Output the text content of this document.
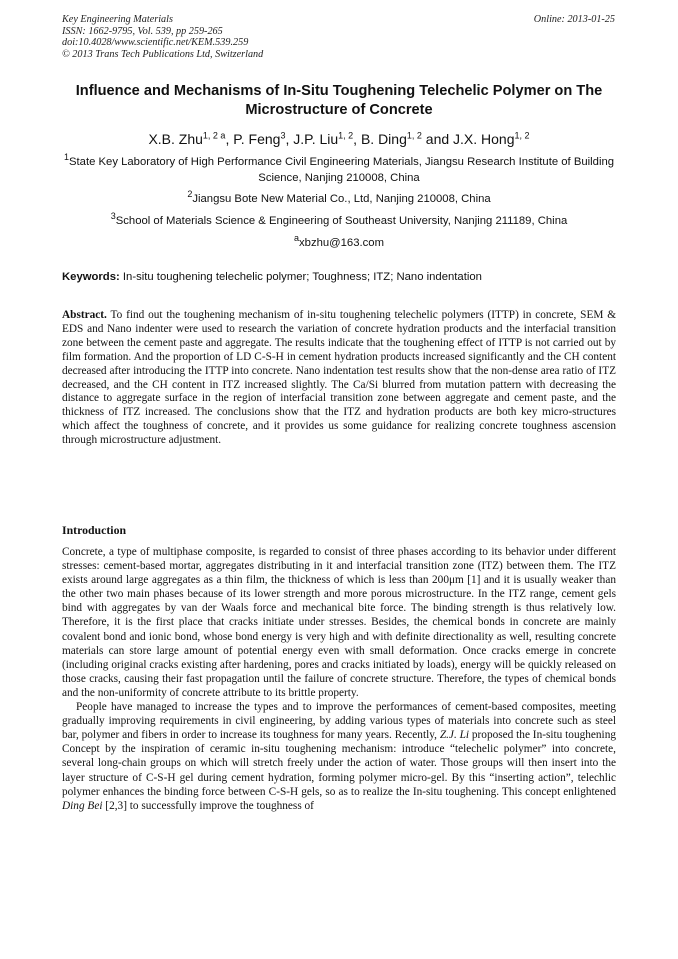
Key Engineering Materials
ISSN: 1662-9795, Vol. 539, pp 259-265
doi:10.4028/www.scientific.net/KEM.539.259
© 2013 Trans Tech Publications Ltd, Switzerland
Online: 2013-01-25
Influence and Mechanisms of In-Situ Toughening Telechelic Polymer on The Microstructure of Concrete
X.B. Zhu$^{1, 2 a}$, P. Feng$^3$, J.P. Liu$^{1, 2}$, B. Ding$^{1, 2}$ and J.X. Hong$^{1, 2}$
$^1$State Key Laboratory of High Performance Civil Engineering Materials, Jiangsu Research Institute of Building Science, Nanjing 210008, China
$^2$Jiangsu Bote New Material Co., Ltd, Nanjing 210008, China
$^3$School of Materials Science & Engineering of Southeast University, Nanjing 211189, China
$^a$xbzhu@163.com
Keywords: In-situ toughening telechelic polymer; Toughness; ITZ; Nano indentation
Abstract. To find out the toughening mechanism of in-situ toughening telechelic polymers (ITTP) in concrete, SEM & EDS and Nano indenter were used to research the variation of concrete hydration products and the interfacial transition zone between the cement paste and aggregate. The results indicate that the toughening effect of ITTP is not carried out by film formation. And the proportion of LD C-S-H in cement hydration products increased significantly and the CH content decreased after introducing the ITTP into concrete. Nano indentation test results show that the non-dense area ratio of ITZ decreased, and the CH content in ITZ increased slightly. The Ca/Si blurred from mutation pattern with decreasing the distance to aggregate surface in the region of interfacial transition zone between aggregate and cement paste, and the thickness of ITZ increased. The conclusions show that the ITZ and hydration products are both key micro-structures which affect the toughness of concrete, and it provides us some guidance for realizing concrete toughness ascension through microstructure adjustment.
Introduction

Concrete, a type of multiphase composite, is regarded to consist of three phases according to its behavior under different stresses: cement-based mortar, aggregates distributing in it and interfacial transition zone (ITZ) between them. The ITZ exists around large aggregates as a thin film, the thickness of which is less than 200μm [1] and it is usually weaker than the other two main phases because of its lower strength and more porous microstructure. In the ITZ range, cement gels bind with aggregates by van der Waals force and mechanical bite force. The binding strength is thus relatively low. Therefore, it is the first place that cracks initiate under stresses. Besides, the chemical bonds in concrete are mainly covalent bond and ionic bond, whose bond energy is very high and with definite directionality as well, resulting concrete materials can store large amount of potential energy even with small deformation. Once cracks emerge in concrete (including original cracks existing after hardening, pores and cracks initiated by loads), energy will be quickly released on those cracks, causing their fast propagation until the failure of concrete structure. Therefore, the types of chemical bonds and the non-uniformity of concrete attribute to its brittle property.

People have managed to increase the types and to improve the performances of cement-based composites, meeting gradually improving requirements in civil engineering, by adding various types of materials into concrete such as steel bar, polymer and fibers in order to increase its toughness for many years. Recently, Z.J. Li proposed the In-situ toughening Concept by the inspiration of ceramic in-situ toughening mechanism: introduce “telechelic polymer” into concrete, several long-chain groups on which will stretch freely under the action of water. Those groups will then insert into the layer structure of C-S-H gel during cement hydration, forming polymer micro-gel. By this “inserting action”, telechlic polymer enhances the binding force between C-S-H gels, so as to realize the In-situ toughening. This concept enlightened Ding Bei [2,3] to successfully improve the toughness of
